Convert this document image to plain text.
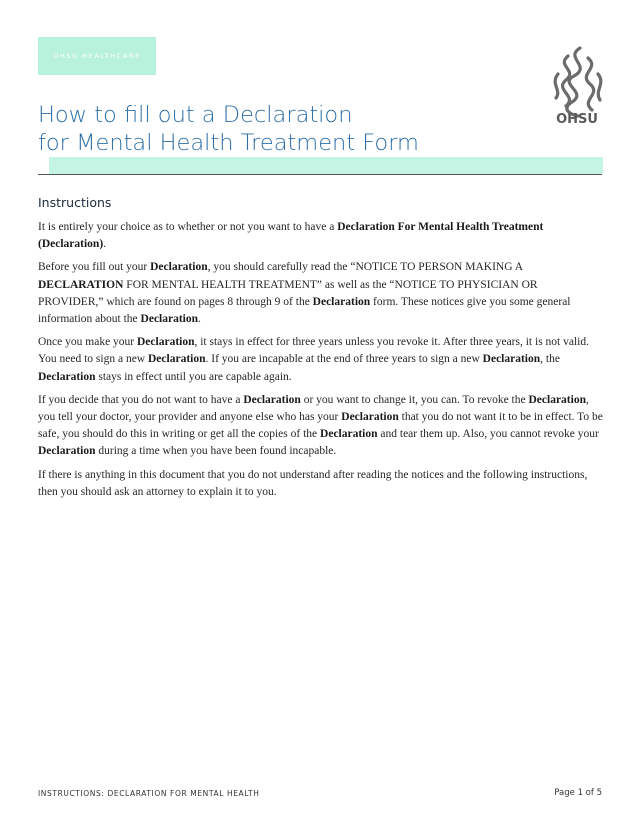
OHSU HEALTHCARE
OHSU
How to fill out a Declaration
for Mental Health Treatment Form
Instructions

It is entirely your choice as to whether or not you want to have a Declaration For Mental Health Treatment (Declaration).

Before you fill out your Declaration, you should carefully read the “NOTICE TO PERSON MAKING A DECLARATION FOR MENTAL HEALTH TREATMENT” as well as the “NOTICE TO PHYSICIAN OR PROVIDER,” which are found on pages 8 through 9 of the Declaration form. These notices give you some general information about the Declaration.

Once you make your Declaration, it stays in effect for three years unless you revoke it. After three years, it is not valid. You need to sign a new Declaration. If you are incapable at the end of three years to sign a new Declaration, the Declaration stays in effect until you are capable again.

If you decide that you do not want to have a Declaration or you want to change it, you can. To revoke the Declaration, you tell your doctor, your provider and anyone else who has your Declaration that you do not want it to be in effect. To be safe, you should do this in writing or get all the copies of the Declaration and tear them up. Also, you cannot revoke your Declaration during a time when you have been found incapable.

If there is anything in this document that you do not understand after reading the notices and the following instructions, then you should ask an attorney to explain it to you.

INSTRUCTIONS: DECLARATION FOR MENTAL HEALTH	Page 1 of 5
